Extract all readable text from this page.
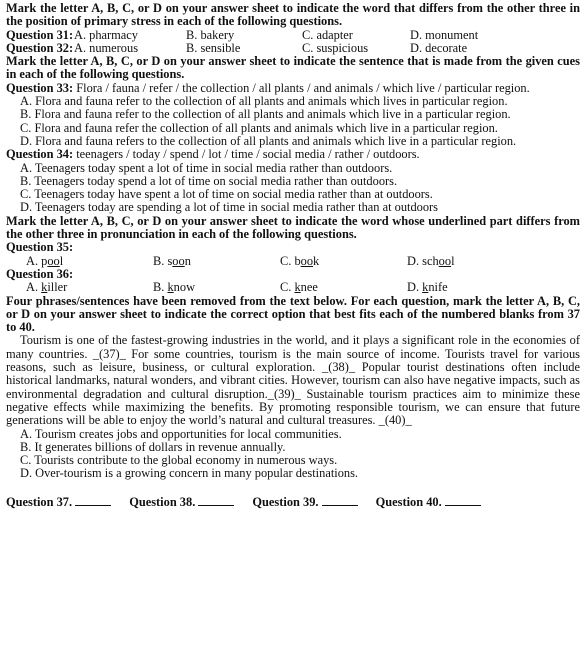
Mark the letter A, B, C, or D on your answer sheet to indicate the word that differs from the other three in the position of primary stress in each of the following questions.
Question 31: A. pharmacy	B. bakery	C. adapter	D. monument
Question 32: A. numerous	B. sensible	C. suspicious	D. decorate
Mark the letter A, B, C, or D on your answer sheet to indicate the sentence that is made from the given cues in each of the following questions.
Question 33: Flora / fauna / refer / the collection / all plants / and animals / which live / particular region.
A. Flora and fauna refer to the collection of all plants and animals which lives in particular region.
B. Flora and fauna refer to the collection of all plants and animals which live in a particular region.
C. Flora and fauna refer the collection of all plants and animals which live in a particular region.
D. Flora and fauna refers to the collection of all plants and animals which live in a particular region.
Question 34: teenagers / today / spend / lot / time / social media / rather / outdoors.
A. Teenagers today spent a lot of time in social media rather than outdoors.
B. Teenagers today spend a lot of time on social media rather than outdoors.
C. Teenagers today have spent a lot of time on social media rather than at outdoors.
D. Teenagers today are spending a lot of time in social media rather than at outdoors
Mark the letter A, B, C, or D on your answer sheet to indicate the word whose underlined part differs from the other three in pronunciation in each of the following questions.
Question 35:
A. pool	B. soon	C. book	D. school
Question 36:
A. killer	B. know	C. knee	D. knife
Four phrases/sentences have been removed from the text below. For each question, mark the letter A, B, C, or D on your answer sheet to indicate the correct option that best fits each of the numbered blanks from 37 to 40.
Tourism is one of the fastest-growing industries in the world, and it plays a significant role in the economies of many countries. _(37)_ For some countries, tourism is the main source of income. Tourists travel for various reasons, such as leisure, business, or cultural exploration. _(38)_ Popular tourist destinations often include historical landmarks, natural wonders, and vibrant cities. However, tourism can also have negative impacts, such as environmental degradation and cultural disruption._(39)_ Sustainable tourism practices aim to minimize these negative effects while maximizing the benefits. By promoting responsible tourism, we can ensure that future generations will be able to enjoy the world’s natural and cultural treasures. _(40)_
A. Tourism creates jobs and opportunities for local communities.
B. It generates billions of dollars in revenue annually.
C. Tourists contribute to the global economy in numerous ways.
D. Over-tourism is a growing concern in many popular destinations.
Question 37.	Question 38.	Question 39.	Question 40.
